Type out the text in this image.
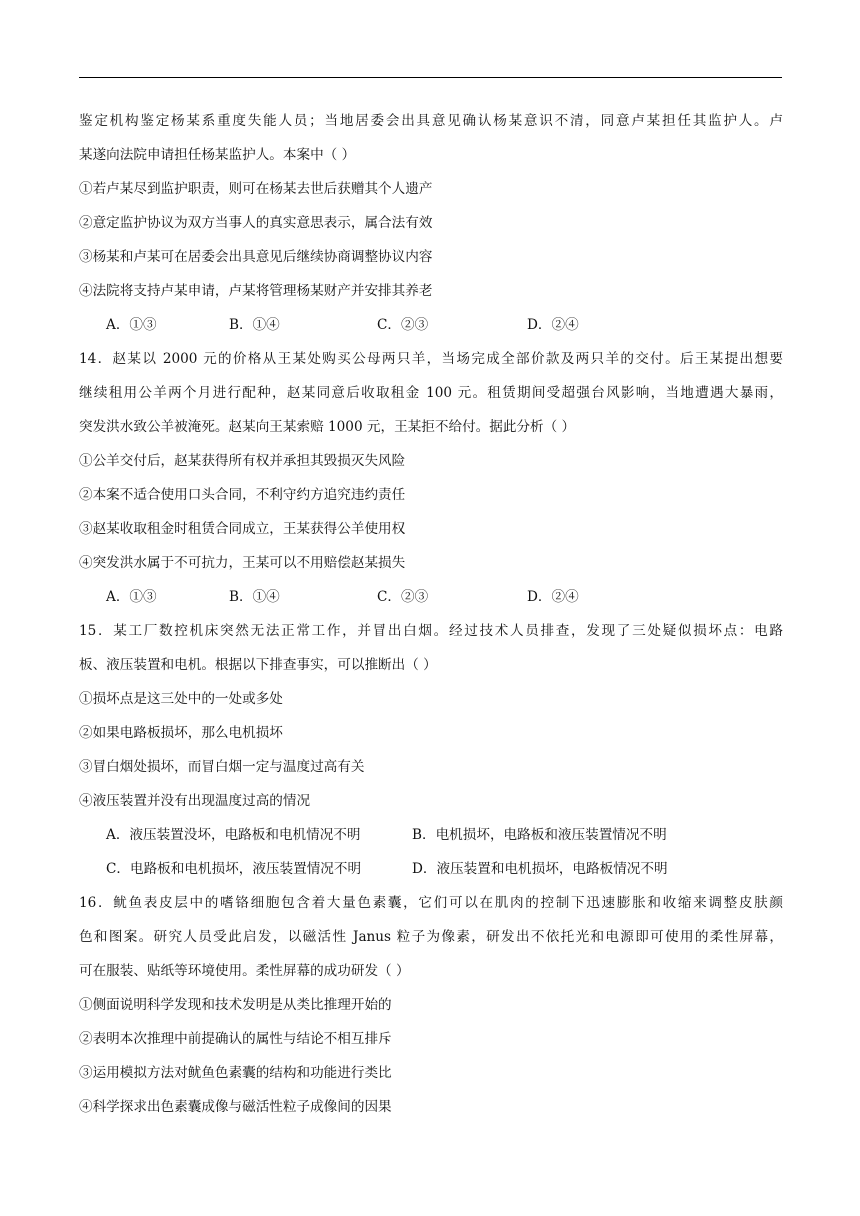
鉴定机构鉴定杨某系重度失能人员；当地居委会出具意见确认杨某意识不清，同意卢某担任其监护人。卢
某遂向法院申请担任杨某监护人。本案中（ ）
①若卢某尽到监护职责，则可在杨某去世后获赠其个人遗产
②意定监护协议为双方当事人的真实意思表示，属合法有效
③杨某和卢某可在居委会出具意见后继续协商调整协议内容
④法院将支持卢某申请，卢某将管理杨某财产并安排其养老
A．①③	B．①④	C．②③	D．②④
14．赵某以 2000 元的价格从王某处购买公母两只羊，当场完成全部价款及两只羊的交付。后王某提出想要
继续租用公羊两个月进行配种，赵某同意后收取租金 100 元。租赁期间受超强台风影响，当地遭遇大暴雨，
突发洪水致公羊被淹死。赵某向王某索赔 1000 元，王某拒不给付。据此分析（ ）
①公羊交付后，赵某获得所有权并承担其毁损灭失风险
②本案不适合使用口头合同，不利守约方追究违约责任
③赵某收取租金时租赁合同成立，王某获得公羊使用权
④突发洪水属于不可抗力，王某可以不用赔偿赵某损失
A．①③	B．①④	C．②③	D．②④
15．某工厂数控机床突然无法正常工作，并冒出白烟。经过技术人员排查，发现了三处疑似损坏点：电路
板、液压装置和电机。根据以下排查事实，可以推断出（ ）
①损坏点是这三处中的一处或多处
②如果电路板损坏，那么电机损坏
③冒白烟处损坏，而冒白烟一定与温度过高有关
④液压装置并没有出现温度过高的情况
A．液压装置没坏，电路板和电机情况不明	B．电机损坏，电路板和液压装置情况不明
C．电路板和电机损坏，液压装置情况不明	D．液压装置和电机损坏，电路板情况不明
16．鱿鱼表皮层中的嗜铬细胞包含着大量色素囊，它们可以在肌肉的控制下迅速膨胀和收缩来调整皮肤颜
色和图案。研究人员受此启发，以磁活性 Janus 粒子为像素，研发出不依托光和电源即可使用的柔性屏幕，
可在服装、贴纸等环境使用。柔性屏幕的成功研发（ ）
①侧面说明科学发现和技术发明是从类比推理开始的
②表明本次推理中前提确认的属性与结论不相互排斥
③运用模拟方法对鱿鱼色素囊的结构和功能进行类比
④科学探求出色素囊成像与磁活性粒子成像间的因果
